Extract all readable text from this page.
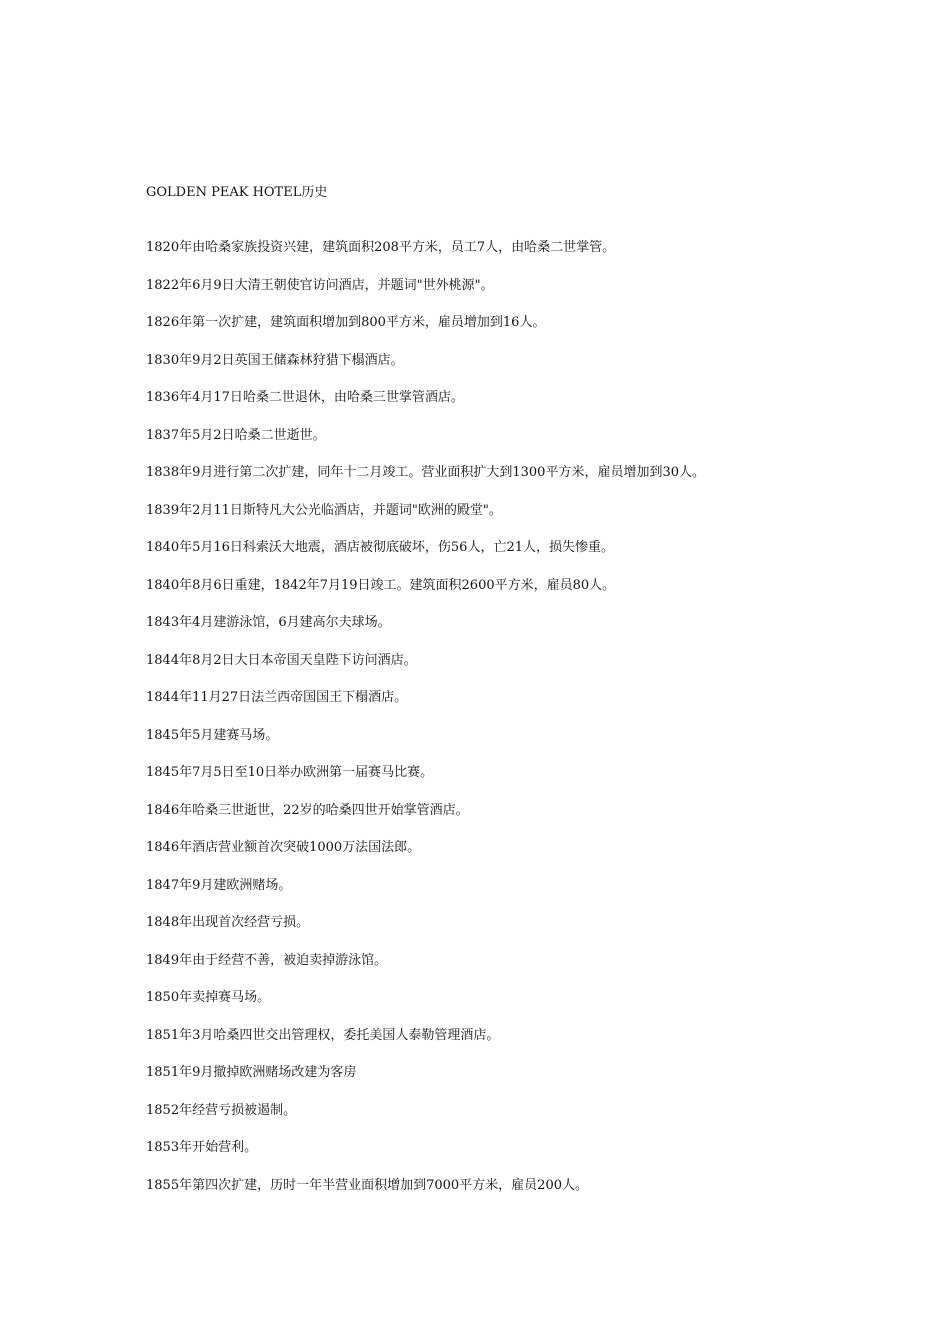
GOLDEN PEAK HOTEL历史
1820年由哈桑家族投资兴建，建筑面积208平方米，员工7人，由哈桑二世掌管。
1822年6月9日大清王朝使官访问酒店，并题词"世外桃源"。
1826年第一次扩建，建筑面积增加到800平方米，雇员增加到16人。
1830年9月2日英国王储森林狩猎下榻酒店。
1836年4月17日哈桑二世退休，由哈桑三世掌管酒店。
1837年5月2日哈桑二世逝世。
1838年9月进行第二次扩建，同年十二月竣工。营业面积扩大到1300平方米，雇员增加到30人。
1839年2月11日斯特凡大公光临酒店，并题词"欧洲的殿堂"。
1840年5月16日科索沃大地震，酒店被彻底破坏，伤56人，亡21人，损失惨重。
1840年8月6日重建，1842年7月19日竣工。建筑面积2600平方米，雇员80人。
1843年4月建游泳馆，6月建高尔夫球场。
1844年8月2日大日本帝国天皇陛下访问酒店。
1844年11月27日法兰西帝国国王下榻酒店。
1845年5月建赛马场。
1845年7月5日至10日举办欧洲第一届赛马比赛。
1846年哈桑三世逝世，22岁的哈桑四世开始掌管酒店。
1846年酒店营业额首次突破1000万法国法郎。
1847年9月建欧洲赌场。
1848年出现首次经营亏损。
1849年由于经营不善，被迫卖掉游泳馆。
1850年卖掉赛马场。
1851年3月哈桑四世交出管理权，委托美国人泰勒管理酒店。
1851年9月撤掉欧洲赌场改建为客房
1852年经营亏损被遏制。
1853年开始营利。
1855年第四次扩建，历时一年半营业面积增加到7000平方米，雇员200人。
